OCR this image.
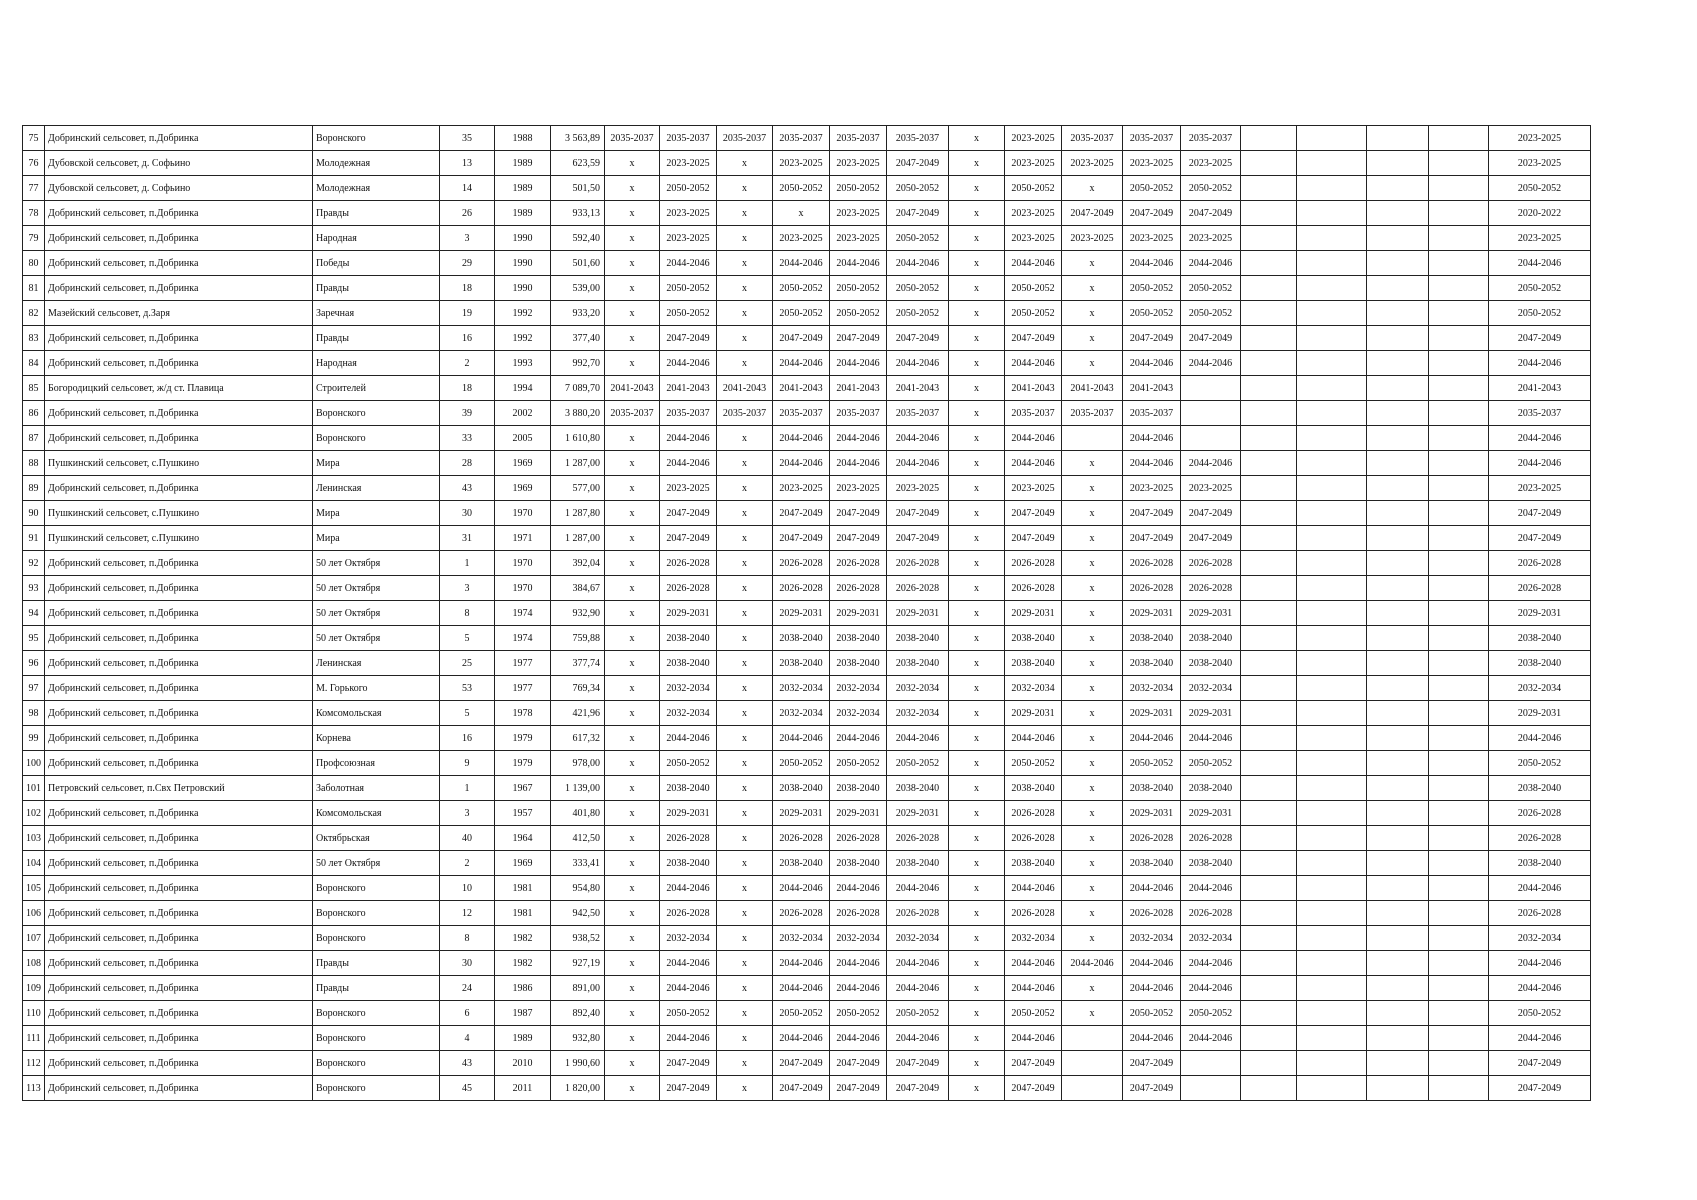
75	Добринский сельсовет, п.Добринка	Воронского	35	1988	3 563,89	2035-2037	2035-2037	2035-2037	2035-2037	2035-2037	2035-2037	х	2023-2025	2035-2037	2035-2037	2035-2037					2023-2025
76	Дубовской сельсовет, д. Софьино	Молодежная	13	1989	623,59	х	2023-2025	х	2023-2025	2023-2025	2047-2049	х	2023-2025	2023-2025	2023-2025	2023-2025					2023-2025
77	Дубовской сельсовет, д. Софьино	Молодежная	14	1989	501,50	х	2050-2052	х	2050-2052	2050-2052	2050-2052	х	2050-2052	х	2050-2052	2050-2052					2050-2052
78	Добринский сельсовет, п.Добринка	Правды	26	1989	933,13	х	2023-2025	х	х	2023-2025	2047-2049	х	2023-2025	2047-2049	2047-2049	2047-2049					2020-2022
79	Добринский сельсовет, п.Добринка	Народная	3	1990	592,40	х	2023-2025	х	2023-2025	2023-2025	2050-2052	х	2023-2025	2023-2025	2023-2025	2023-2025					2023-2025
80	Добринский сельсовет, п.Добринка	Победы	29	1990	501,60	х	2044-2046	х	2044-2046	2044-2046	2044-2046	х	2044-2046	х	2044-2046	2044-2046					2044-2046
81	Добринский сельсовет, п.Добринка	Правды	18	1990	539,00	х	2050-2052	х	2050-2052	2050-2052	2050-2052	х	2050-2052	х	2050-2052	2050-2052					2050-2052
82	Мазейский сельсовет, д.Заря	Заречная	19	1992	933,20	х	2050-2052	х	2050-2052	2050-2052	2050-2052	х	2050-2052	х	2050-2052	2050-2052					2050-2052
83	Добринский сельсовет, п.Добринка	Правды	16	1992	377,40	х	2047-2049	х	2047-2049	2047-2049	2047-2049	х	2047-2049	х	2047-2049	2047-2049					2047-2049
84	Добринский сельсовет, п.Добринка	Народная	2	1993	992,70	х	2044-2046	х	2044-2046	2044-2046	2044-2046	х	2044-2046	х	2044-2046	2044-2046					2044-2046
85	Богородицкий сельсовет, ж/д ст. Плавица	Строителей	18	1994	7 089,70	2041-2043	2041-2043	2041-2043	2041-2043	2041-2043	2041-2043	х	2041-2043	2041-2043	2041-2043						2041-2043
86	Добринский сельсовет, п.Добринка	Воронского	39	2002	3 880,20	2035-2037	2035-2037	2035-2037	2035-2037	2035-2037	2035-2037	х	2035-2037	2035-2037	2035-2037						2035-2037
87	Добринский сельсовет, п.Добринка	Воронского	33	2005	1 610,80	х	2044-2046	х	2044-2046	2044-2046	2044-2046	х	2044-2046		2044-2046						2044-2046
88	Пушкинский сельсовет, с.Пушкино	Мира	28	1969	1 287,00	х	2044-2046	х	2044-2046	2044-2046	2044-2046	х	2044-2046	х	2044-2046	2044-2046					2044-2046
89	Добринский сельсовет, п.Добринка	Ленинская	43	1969	577,00	х	2023-2025	х	2023-2025	2023-2025	2023-2025	х	2023-2025	х	2023-2025	2023-2025					2023-2025
90	Пушкинский сельсовет, с.Пушкино	Мира	30	1970	1 287,80	х	2047-2049	х	2047-2049	2047-2049	2047-2049	х	2047-2049	х	2047-2049	2047-2049					2047-2049
91	Пушкинский сельсовет, с.Пушкино	Мира	31	1971	1 287,00	х	2047-2049	х	2047-2049	2047-2049	2047-2049	х	2047-2049	х	2047-2049	2047-2049					2047-2049
92	Добринский сельсовет, п.Добринка	50 лет Октября	1	1970	392,04	х	2026-2028	х	2026-2028	2026-2028	2026-2028	х	2026-2028	х	2026-2028	2026-2028					2026-2028
93	Добринский сельсовет, п.Добринка	50 лет Октября	3	1970	384,67	х	2026-2028	х	2026-2028	2026-2028	2026-2028	х	2026-2028	х	2026-2028	2026-2028					2026-2028
94	Добринский сельсовет, п.Добринка	50 лет Октября	8	1974	932,90	х	2029-2031	х	2029-2031	2029-2031	2029-2031	х	2029-2031	х	2029-2031	2029-2031					2029-2031
95	Добринский сельсовет, п.Добринка	50 лет Октября	5	1974	759,88	х	2038-2040	х	2038-2040	2038-2040	2038-2040	х	2038-2040	х	2038-2040	2038-2040					2038-2040
96	Добринский сельсовет, п.Добринка	Ленинская	25	1977	377,74	х	2038-2040	х	2038-2040	2038-2040	2038-2040	х	2038-2040	х	2038-2040	2038-2040					2038-2040
97	Добринский сельсовет, п.Добринка	М. Горького	53	1977	769,34	х	2032-2034	х	2032-2034	2032-2034	2032-2034	х	2032-2034	х	2032-2034	2032-2034					2032-2034
98	Добринский сельсовет, п.Добринка	Комсомольская	5	1978	421,96	х	2032-2034	х	2032-2034	2032-2034	2032-2034	х	2029-2031	х	2029-2031	2029-2031					2029-2031
99	Добринский сельсовет, п.Добринка	Корнева	16	1979	617,32	х	2044-2046	х	2044-2046	2044-2046	2044-2046	х	2044-2046	х	2044-2046	2044-2046					2044-2046
100	Добринский сельсовет, п.Добринка	Профсоюзная	9	1979	978,00	х	2050-2052	х	2050-2052	2050-2052	2050-2052	х	2050-2052	х	2050-2052	2050-2052					2050-2052
101	Петровский сельсовет, п.Свх Петровский	Заболотная	1	1967	1 139,00	х	2038-2040	х	2038-2040	2038-2040	2038-2040	х	2038-2040	х	2038-2040	2038-2040					2038-2040
102	Добринский сельсовет, п.Добринка	Комсомольская	3	1957	401,80	х	2029-2031	х	2029-2031	2029-2031	2029-2031	х	2026-2028	х	2029-2031	2029-2031					2026-2028
103	Добринский сельсовет, п.Добринка	Октябрьская	40	1964	412,50	х	2026-2028	х	2026-2028	2026-2028	2026-2028	х	2026-2028	х	2026-2028	2026-2028					2026-2028
104	Добринский сельсовет, п.Добринка	50 лет Октября	2	1969	333,41	х	2038-2040	х	2038-2040	2038-2040	2038-2040	х	2038-2040	х	2038-2040	2038-2040					2038-2040
105	Добринский сельсовет, п.Добринка	Воронского	10	1981	954,80	х	2044-2046	х	2044-2046	2044-2046	2044-2046	х	2044-2046	х	2044-2046	2044-2046					2044-2046
106	Добринский сельсовет, п.Добринка	Воронского	12	1981	942,50	х	2026-2028	х	2026-2028	2026-2028	2026-2028	х	2026-2028	х	2026-2028	2026-2028					2026-2028
107	Добринский сельсовет, п.Добринка	Воронского	8	1982	938,52	х	2032-2034	х	2032-2034	2032-2034	2032-2034	х	2032-2034	х	2032-2034	2032-2034					2032-2034
108	Добринский сельсовет, п.Добринка	Правды	30	1982	927,19	х	2044-2046	х	2044-2046	2044-2046	2044-2046	х	2044-2046	2044-2046	2044-2046	2044-2046					2044-2046
109	Добринский сельсовет, п.Добринка	Правды	24	1986	891,00	х	2044-2046	х	2044-2046	2044-2046	2044-2046	х	2044-2046	х	2044-2046	2044-2046					2044-2046
110	Добринский сельсовет, п.Добринка	Воронского	6	1987	892,40	х	2050-2052	х	2050-2052	2050-2052	2050-2052	х	2050-2052	х	2050-2052	2050-2052					2050-2052
111	Добринский сельсовет, п.Добринка	Воронского	4	1989	932,80	х	2044-2046	х	2044-2046	2044-2046	2044-2046	х	2044-2046		2044-2046	2044-2046					2044-2046
112	Добринский сельсовет, п.Добринка	Воронского	43	2010	1 990,60	х	2047-2049	х	2047-2049	2047-2049	2047-2049	х	2047-2049		2047-2049						2047-2049
113	Добринский сельсовет, п.Добринка	Воронского	45	2011	1 820,00	х	2047-2049	х	2047-2049	2047-2049	2047-2049	х	2047-2049		2047-2049						2047-2049
